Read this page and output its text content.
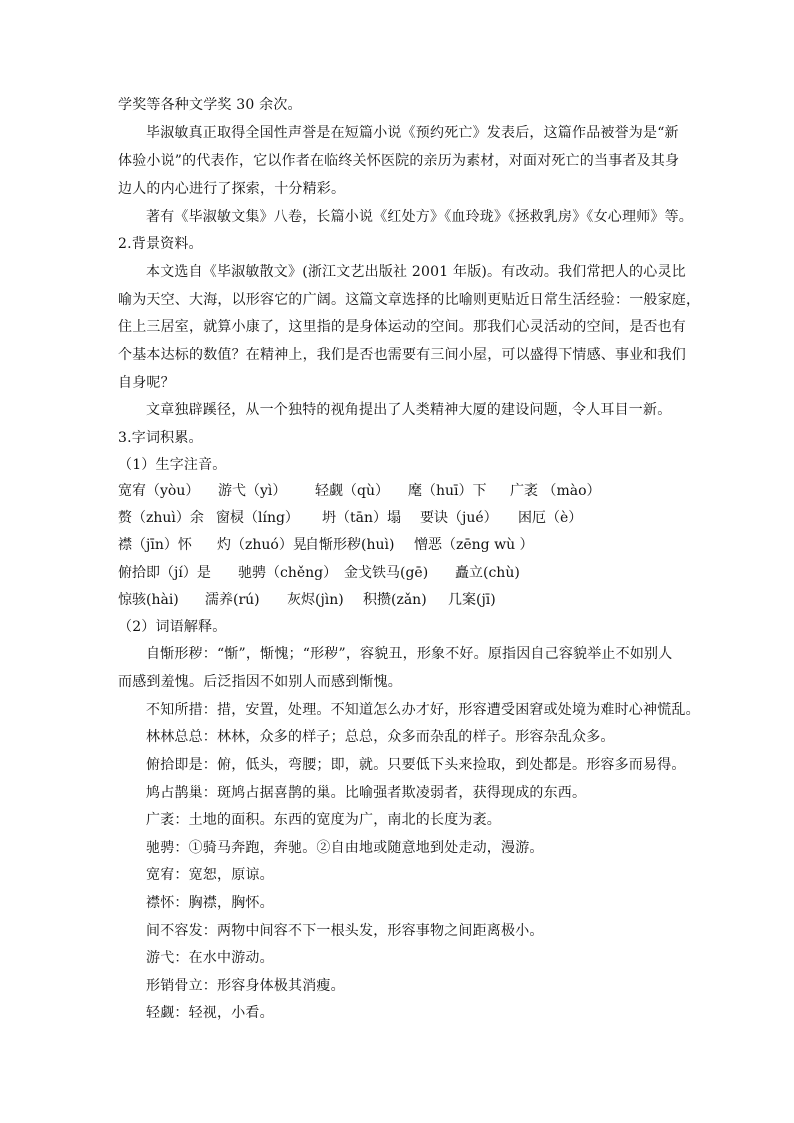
学奖等各种文学奖 30 余次。
毕淑敏真正取得全国性声誉是在短篇小说《预约死亡》发表后，这篇作品被誉为是“新
体验小说”的代表作，它以作者在临终关怀医院的亲历为素材，对面对死亡的当事者及其身
边人的内心进行了探索，十分精彩。
著有《毕淑敏文集》八卷，长篇小说《红处方》《血玲珑》《拯救乳房》《女心理师》等。
2.背景资料。
本文选自《毕淑敏散文》(浙江文艺出版社 2001 年版)。有改动。我们常把人的心灵比
喻为天空、大海，以形容它的广阔。这篇文章选择的比喻则更贴近日常生活经验：一般家庭，
住上三居室，就算小康了，这里指的是身体运动的空间。那我们心灵活动的空间，是否也有
个基本达标的数值？在精神上，我们是否也需要有三间小屋，可以盛得下情感、事业和我们
自身呢？
文章独辟蹊径，从一个独特的视角提出了人类精神大厦的建设问题，令人耳目一新。
3.字词积累。
（1）生字注音。
宽宥（yòu） 游弋（yì） 轻觑（qù） 麾（huī）下 广袤 （mào）
赘（zhuì）余 窗棂（líng） 坍（tān）塌 要诀（jué） 困厄（è）
襟（jīn）怀 灼（zhuó）晃
自惭形秽(huì) 憎恶（zēng wù ）
俯拾即（jí）是 驰骋（chěng） 金戈铁马(gē) 矗立(chù)
惊骇(hài) 濡养(rú) 灰烬(jìn) 积攒(zǎn) 几案(jī)
（2）词语解释。
自惭形秽：“惭”，惭愧；“形秽”，容貌丑，形象不好。原指因自己容貌举止不如别人
而感到羞愧。后泛指因不如别人而感到惭愧。
不知所措：措，安置，处理。不知道怎么办才好，形容遭受困窘或处境为难时心神慌乱。
林林总总：林林，众多的样子；总总，众多而杂乱的样子。形容杂乱众多。
俯拾即是：俯，低头，弯腰；即，就。只要低下头来捡取，到处都是。形容多而易得。
鸠占鹊巢：斑鸠占据喜鹊的巢。比喻强者欺凌弱者，获得现成的东西。
广袤：土地的面积。东西的宽度为广，南北的长度为袤。
驰骋：①骑马奔跑，奔驰。②自由地或随意地到处走动，漫游。
宽宥：宽恕，原谅。
襟怀：胸襟，胸怀。
间不容发：两物中间容不下一根头发，形容事物之间距离极小。
游弋：在水中游动。
形销骨立：形容身体极其消瘦。
轻觑：轻视，小看。
